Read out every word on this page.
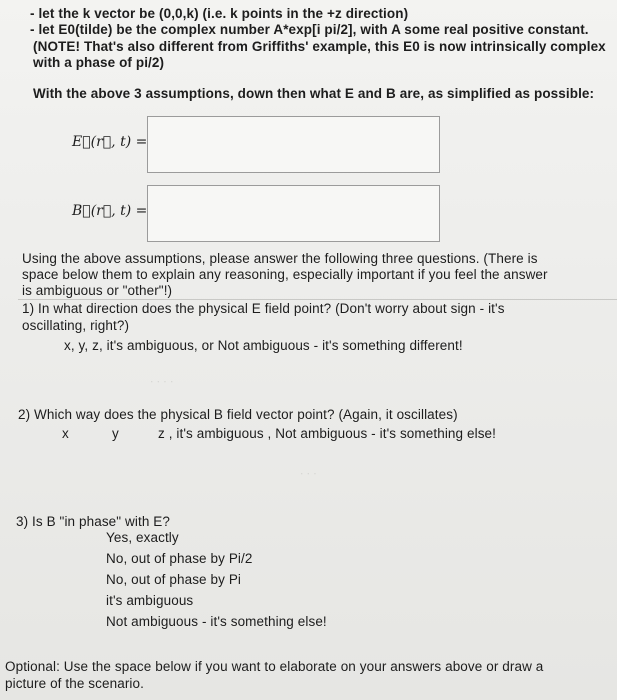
. . . .
. . .
- let the k vector be (0,0,k) (i.e. k points in the +z direction)
- let E0(tilde) be the complex number A*exp[i pi/2], with A some real positive constant.
(NOTE! That's also different from Griffiths' example, this E0 is now intrinsically complex
with a phase of pi/2)
With the above 3 assumptions, down then what E and B are, as simplified as possible:
E⃗(r⃗, t) =
B⃗(r⃗, t) =
Using the above assumptions, please answer the following three questions. (There is
space below them to explain any reasoning, especially important if you feel the answer
is ambiguous or "other"!)
1) In what direction does the physical E field point? (Don't worry about sign - it's
oscillating, right?)
x, y, z, it's ambiguous, or Not ambiguous - it's something different!
2) Which way does the physical B field vector point? (Again, it oscillates)
x	y	z , it's ambiguous , Not ambiguous - it's something else!
3) Is B "in phase" with E?
Yes, exactly
No, out of phase by Pi/2
No, out of phase by Pi
it's ambiguous
Not ambiguous - it's something else!
Optional: Use the space below if you want to elaborate on your answers above or draw a
picture of the scenario.
